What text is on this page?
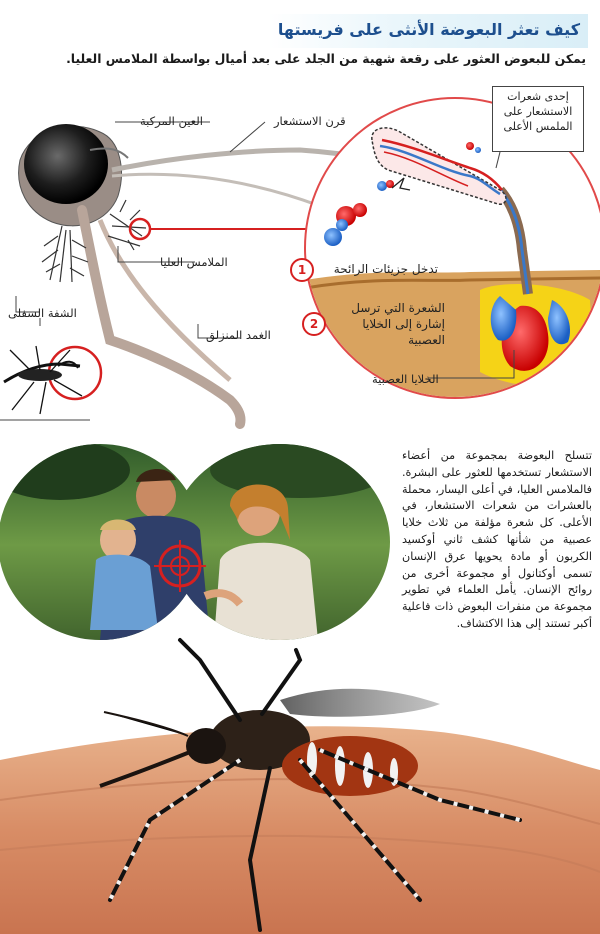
كيف تعثر البعوضة الأنثى على فريستها
يمكن للبعوض العثور على رقعة شهية من الجلد على بعد أميال بواسطة الملامس العليا.
العين المركبة	قرن الاستشعار
الملامس العليا
الشفة السفلى
الغمد المنزلق
إحدى شعرات الاستشعار على الملمس الأعلى
1	تدخل جزيئات الرائحة
2
الشعرة التي ترسل إشارة إلى الخلايا العصبية
الخلايا العصبية
تتسلح البعوضة بمجموعة من أعضاء الاستشعار تستخدمها للعثور على البشرة. فالملامس العليا، في أعلى اليسار، محملة بالعشرات من شعرات الاستشعار، في الأعلى. كل شعرة مؤلفة من ثلاث خلايا عصبية من شأنها كشف ثاني أوكسيد الكربون أو مادة يحويها عرق الإنسان تسمى أوكتانول أو مجموعة أخرى من روائح الإنسان. يأمل العلماء في تطوير مجموعة من منفرات البعوض ذات فاعلية أكبر تستند إلى هذا الاكتشاف.
